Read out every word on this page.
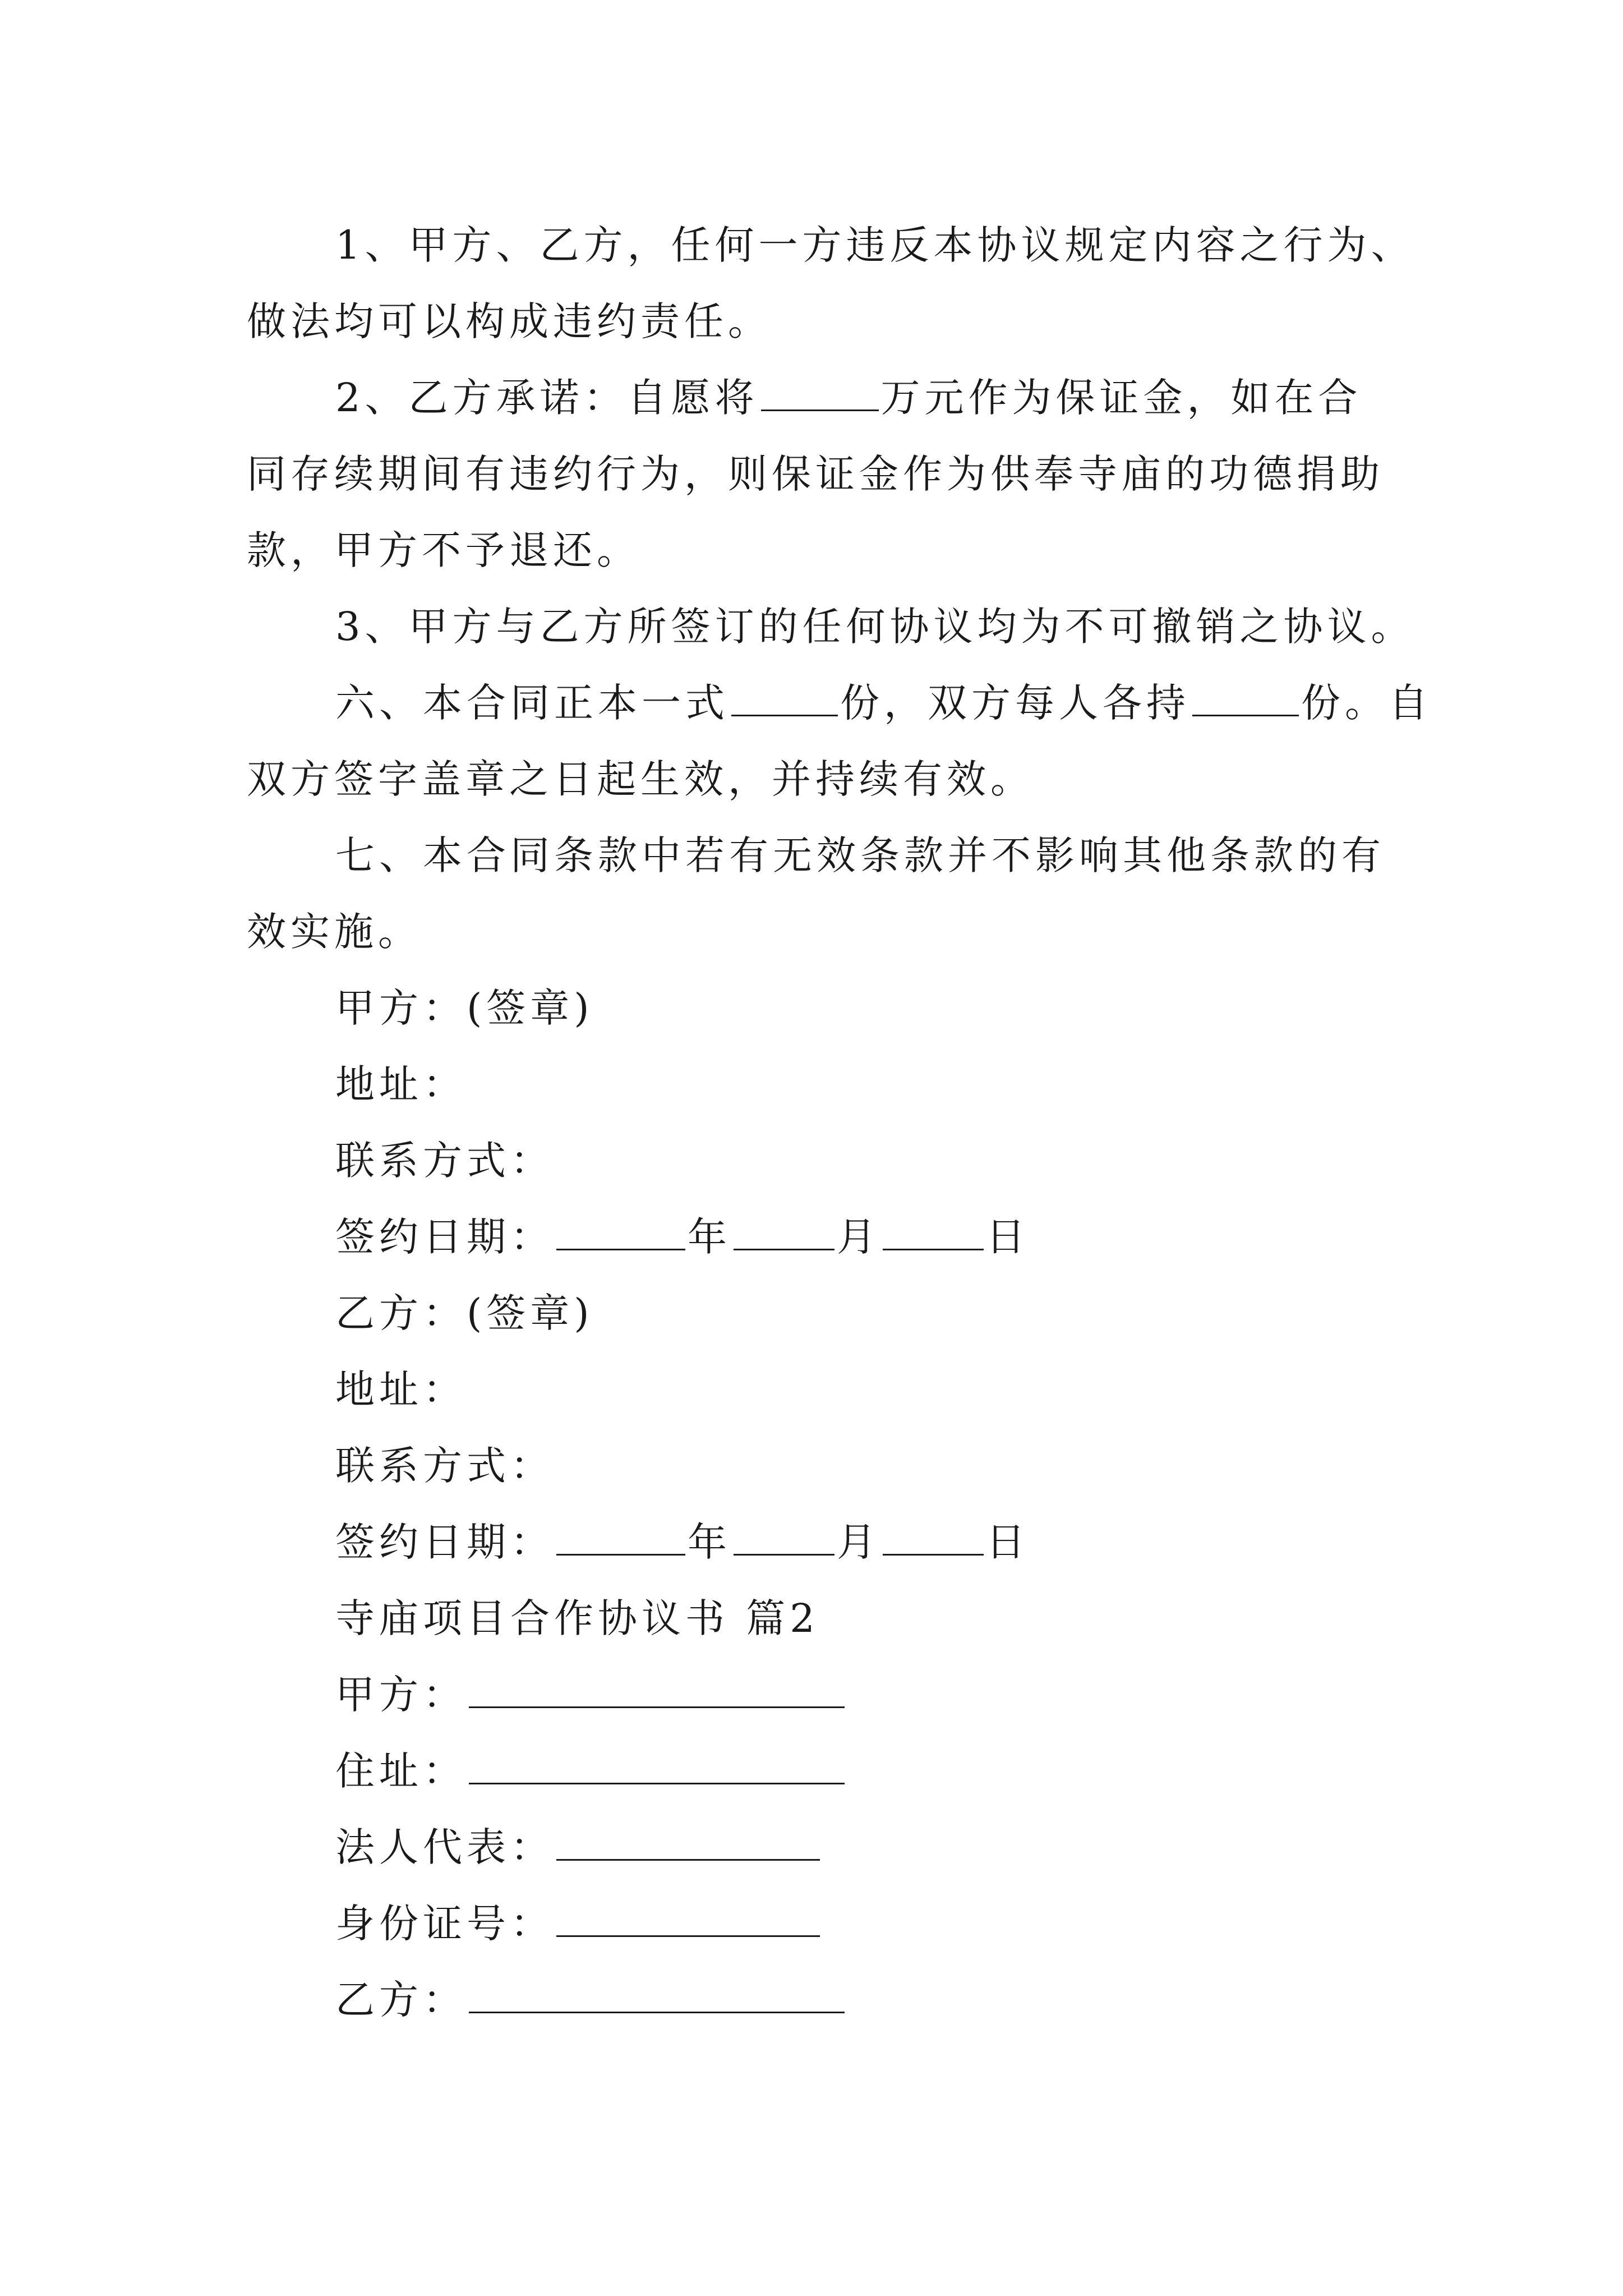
1、甲方、乙方，任何一方违反本协议规定内容之行为、
做法均可以构成违约责任。
2、乙方承诺：自愿将	万元作为保证金，如在合
同存续期间有违约行为，则保证金作为供奉寺庙的功德捐助
款，甲方不予退还。
3、甲方与乙方所签订的任何协议均为不可撤销之协议。
六、本合同正本一式	份，双方每人各持	份。自
双方签字盖章之日起生效，并持续有效。
七、本合同条款中若有无效条款并不影响其他条款的有
效实施。
甲方：(签章)
地址：
联系方式：
签约日期：	年	月	日
乙方：(签章)
地址：
联系方式：
签约日期：	年	月	日
寺庙项目合作协议书 篇2
甲方：
住址：
法人代表：
身份证号：
乙方：
